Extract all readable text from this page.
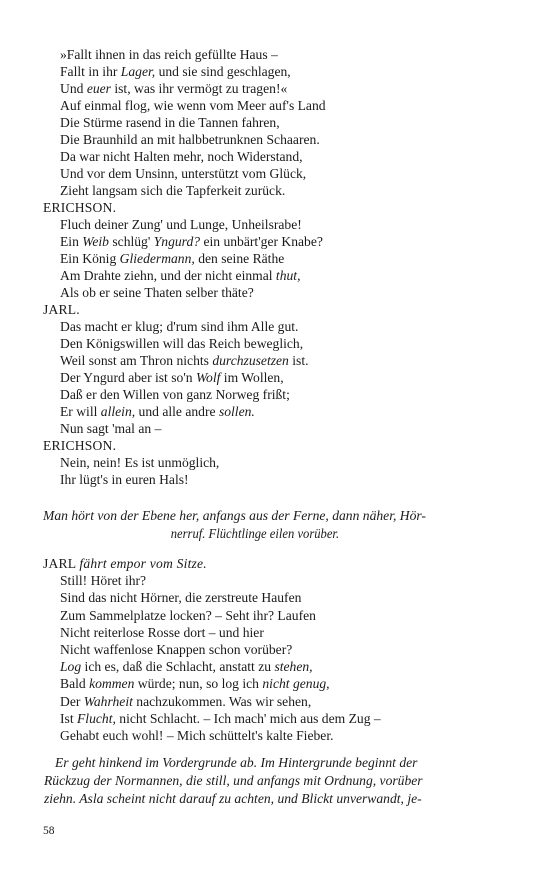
»Fallt ihnen in das reich gefüllte Haus –
Fallt in ihr Lager, und sie sind geschlagen,
Und euer ist, was ihr vermögt zu tragen!«
Auf einmal flog, wie wenn vom Meer auf's Land
Die Stürme rasend in die Tannen fahren,
Die Braunhild an mit halbbetrunknen Schaaren.
Da war nicht Halten mehr, noch Widerstand,
Und vor dem Unsinn, unterstützt vom Glück,
Zieht langsam sich die Tapferkeit zurück.
ERICHSON.
Fluch deiner Zung' und Lunge, Unheilsrabe!
Ein Weib schlüg' Yngurd? ein unbärt'ger Knabe?
Ein König Gliedermann, den seine Räthe
Am Drahte ziehn, und der nicht einmal thut,
Als ob er seine Thaten selber thäte?
JARL.
Das macht er klug; d'rum sind ihm Alle gut.
Den Königswillen will das Reich beweglich,
Weil sonst am Thron nichts durchzusetzen ist.
Der Yngurd aber ist so'n Wolf im Wollen,
Daß er den Willen von ganz Norweg frißt;
Er will allein, und alle andre sollen.
Nun sagt 'mal an –
ERICHSON.
Nein, nein! Es ist unmöglich,
Ihr lügt's in euren Hals!
Man hört von der Ebene her, anfangs aus der Ferne, dann näher, Hör-
nerruf. Flüchtlinge eilen vorüber.
JARL fährt empor vom Sitze.
Still! Höret ihr?
Sind das nicht Hörner, die zerstreute Haufen
Zum Sammelplatze locken? – Seht ihr? Laufen
Nicht reiterlose Rosse dort – und hier
Nicht waffenlose Knappen schon vorüber?
Log ich es, daß die Schlacht, anstatt zu stehen,
Bald kommen würde; nun, so log ich nicht genug,
Der Wahrheit nachzukommen. Was wir sehen,
Ist Flucht, nicht Schlacht. – Ich mach' mich aus dem Zug –
Gehabt euch wohl! – Mich schüttelt's kalte Fieber.
Er geht hinkend im Vordergrunde ab. Im Hintergrunde beginnt der
Rückzug der Normannen, die still, und anfangs mit Ordnung, vorüber
ziehn. Asla scheint nicht darauf zu achten, und Blickt unverwandt, je-
58
